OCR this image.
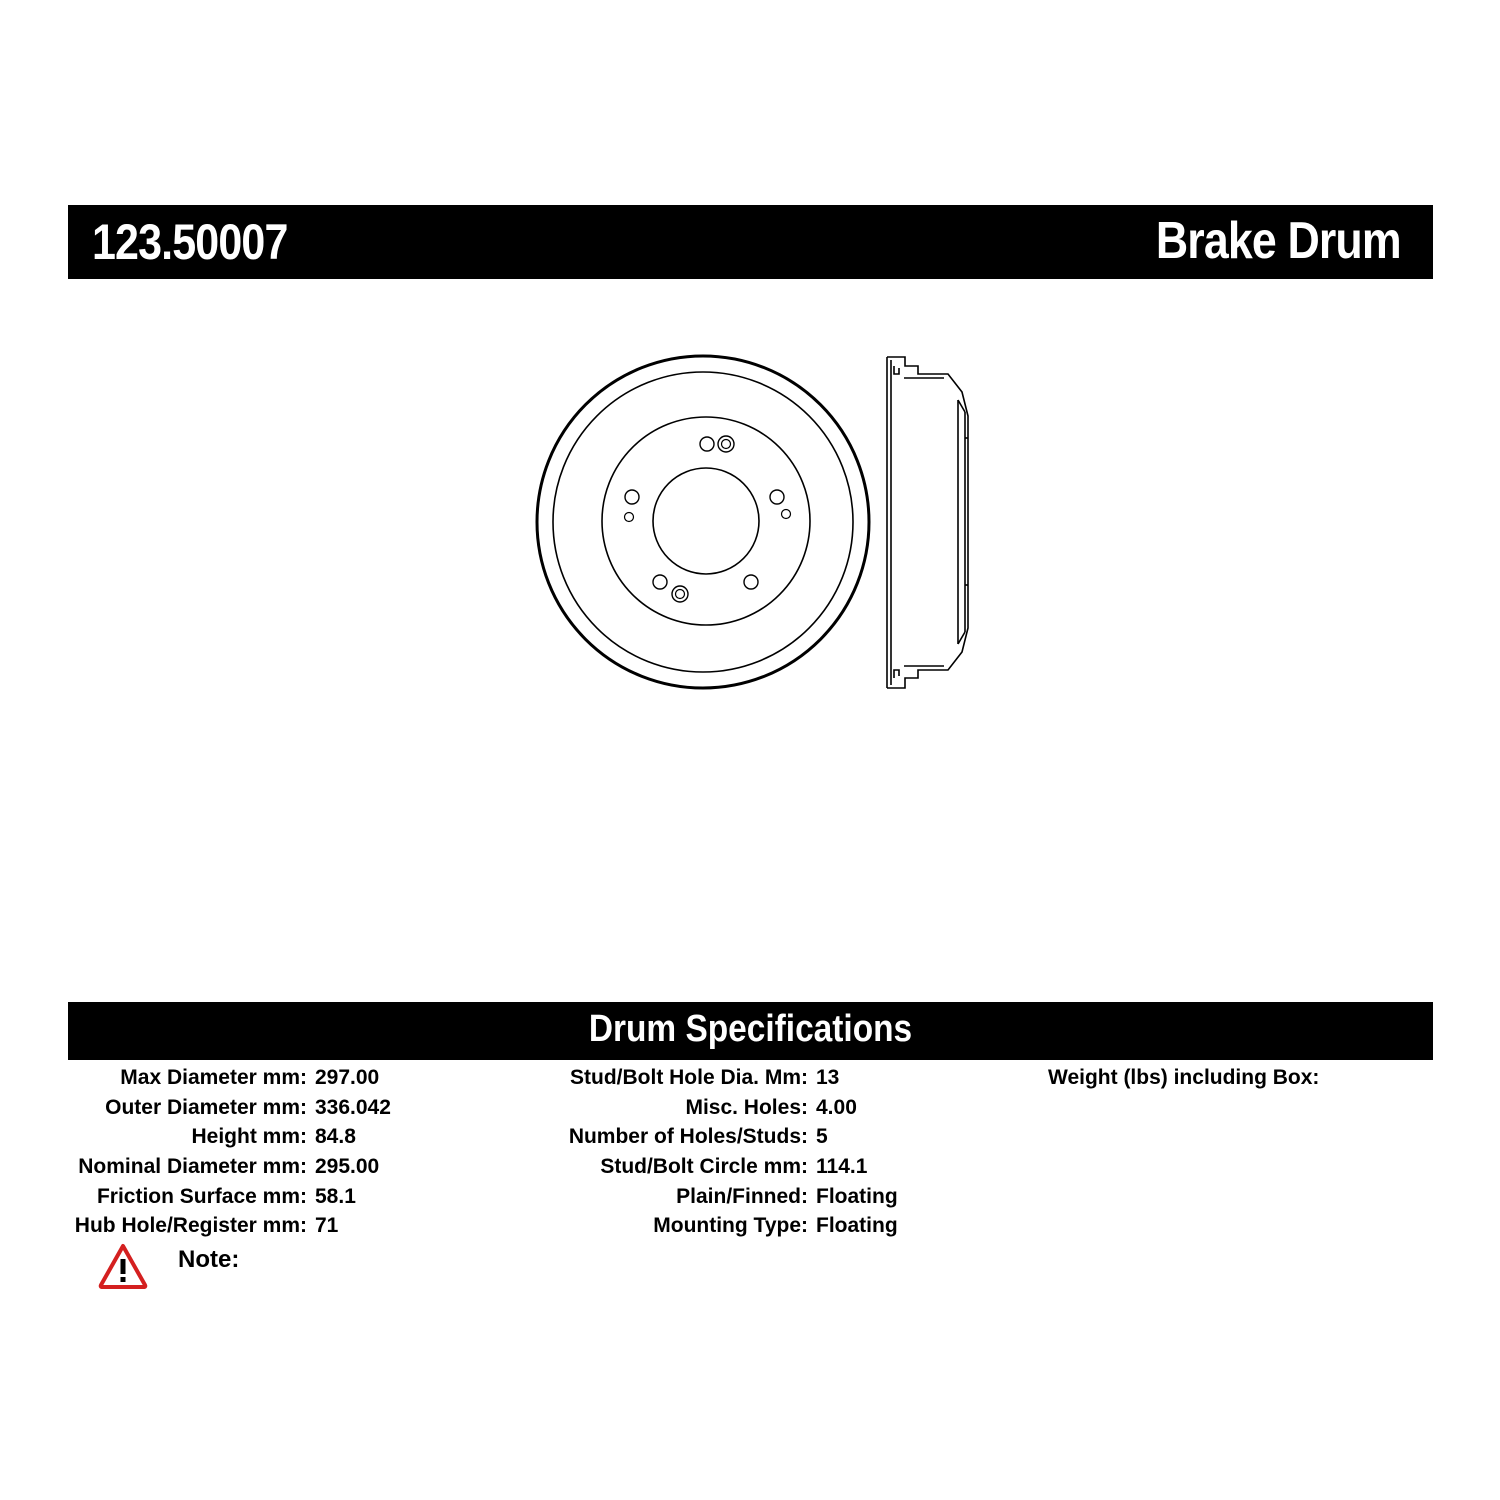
123.50007	Brake Drum
Drum Specifications
Max Diameter mm: 297.00
Outer Diameter mm: 336.042
Height mm: 84.8
Nominal Diameter mm: 295.00
Friction Surface mm: 58.1
Hub Hole/Register mm: 71
Stud/Bolt Hole Dia. Mm: 13
Misc. Holes: 4.00
Number of Holes/Studs: 5
Stud/Bolt Circle mm: 114.1
Plain/Finned: Floating
Mounting Type: Floating
Weight (lbs) including Box:
Note:
